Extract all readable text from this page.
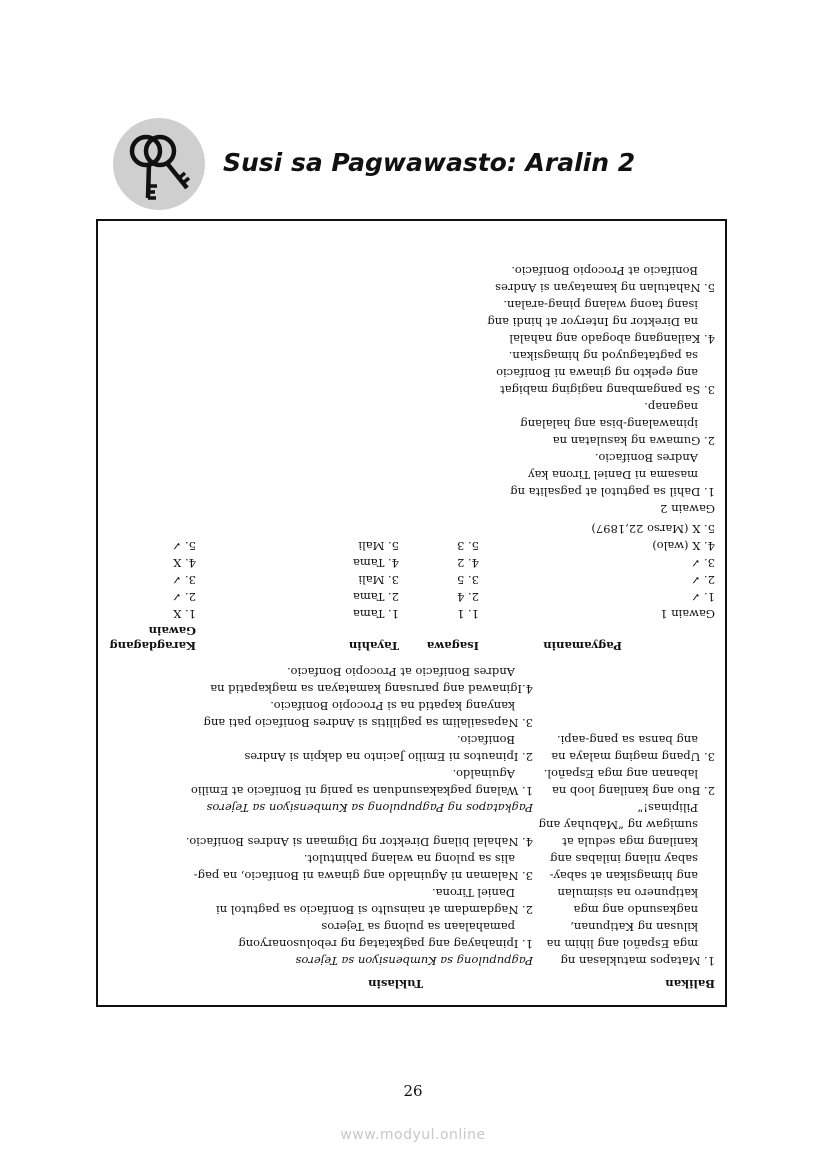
Susi sa Pagwawasto: Aralin 2
Balikan
Tuklasin
1. Matapos matuklasan ng
mga Español ang lihim na
kilusan ng Katipunan,
nagkasundo ang mga
katipunero na sisimulan
ang himagsikan at sabay-
sabay nilang inilabas ang
kanilang mga sedula at
sumigaw ng “Mabuhay ang
Pilipinas!”
2. Buo ang kanilang loob na
labanan ang mga Español.
3. Upang maging malaya na
ang bansa sa pang-aapi.
Pagpupulong sa Kumbensiyon sa Tejeros
1. Ipinahayag ang pagkatatag ng rebolusonaryong
pamahalaan sa pulong sa Tejeros
2. Nagdamdam at nainsulto si Bonifacio sa pagtutol ni
Daniel Tirona.
3. Nalaman ni Aguinaldo ang ginawa ni Bonifacio, na pag-
alis sa pulong na walang pahintulot.
4. Nahalal bilang Direktor ng Digmaan si Andres Bonifacio.
Pagkatapos ng Pagpupulong sa Kumbensiyon sa Tejeros
1. Walang pagkakasunduan sa panig ni Bonifacio at Emilio
Aguinaldo.
2. Ipinautos ni Emilio Jacinto na dakpin si Andres
Bonifacio.
3. Napasailalim sa paglilitis si Andres Bonifacio pati ang
kanyang kapatid na si Procopio Bonifacio.
4.Iginawad ang parusang kamatayan sa magkapatid na
Andres Bonifacio at Procopio Bonfacio.
Pagyamanin
Isagawa
Tayahin
Karagdagang
Gawain
Gawain 1
1. ✓
2. ✓
3. ✓
4. X (walo)
5. X (Marso 22,1897)
1. 1
2. 4
3. 5
4. 2
5. 3
1. Tama
2. Tama
3. Mali
4. Tama
5. Mali
1. X
2. ✓
3. ✓
4. X
5. ✓
Gawain 2
1. Dahil sa pagtutol at pagsalita ng
masama ni Daniel Tirona kay
Andres Bonifacio.
2. Gumawa ng kasulatan na
ipinawalang-bisa ang halalang
naganap.
3. Sa pangambang nagiging mabigat
ang epekto ng ginawa ni Bonifacio
sa pagtataguyod ng himagsikan.
4. Kailangang abogado ang nahalal
na Direktor ng Interyor at hindi ang
isang taong walang pinag-aralan.
5. Nahatulan ng kamatayan si Andres
Bonifacio at Procopio Bonifacio.
26
www.modyul.online
